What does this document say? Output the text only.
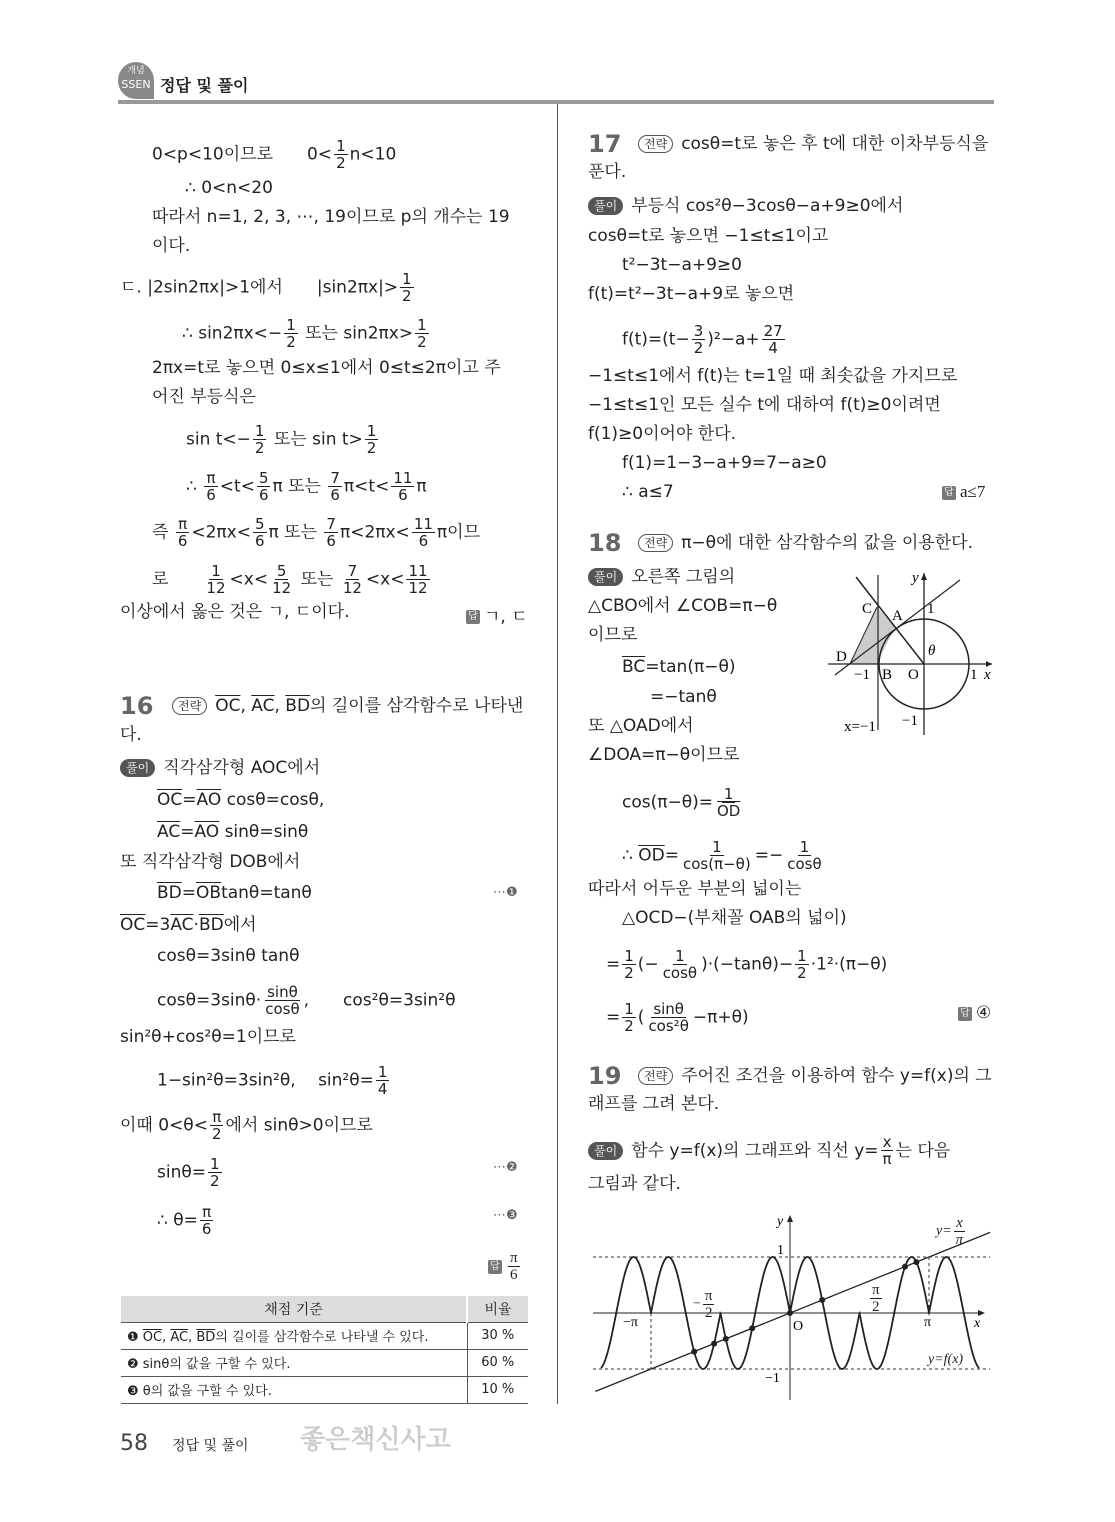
개념
SSEN 정답 및 풀이
0<p<10이므로　　$0< \frac{1}{2} n<10$
∴ 0<n<20
따라서 n=1, 2, 3, ⋯, 19이므로 p의 개수는 19
이다.
ㄷ. |2sin2πx|>1에서　　$|\sin 2\pi x|> \frac{1}{2}$
∴ $\sin 2\pi x<- \frac{1}{2}$ 또는 $\sin 2\pi x> \frac{1}{2}$
2πx=t로 놓으면 0≤x≤1에서 0≤t≤2π이고 주
어진 부등식은
$\sin t<- \frac{1}{2}$ 또는 $\sin t> \frac{1}{2}$
∴ $\frac{\pi}{6} <t< \frac{5}{6}$ π 또는 $\frac{7}{6} \pi<t< \frac{11}{6}$ π
즉 $\frac{\pi}{6} <2\pi x< \frac{5}{6}$ π 또는 $\frac{7}{6} \pi<2\pi x< \frac{11}{6}$ π이므
로　　 $\frac{1}{12} <x< \frac{5}{12}$ 또는 $\frac{7}{12} <x< \frac{11}{12}$
이상에서 옳은 것은 ㄱ, ㄷ이다.	답 ㄱ, ㄷ
16	전략 $\overline{OC}$, $\overline{AC}$, $\overline{BD}$의 길이를 삼각함수로 나타낸
다.
풀이 직각삼각형 AOC에서
$\overline{OC}=\overline{AO}$ cosθ=cosθ,
$\overline{AC}=\overline{AO}$ sinθ=sinθ
또 직각삼각형 DOB에서
$\overline{BD}=\overline{OB}\tan\theta=\tan\theta$	⋯❶
$\overline{OC}=3\overline{AC}\cdot\overline{BD}$에서
cosθ=3sinθ tanθ
$\cos\theta=3\sin\theta\cdot \frac{\sin\theta}{\cos\theta}$ ,　　cos²θ=3sin²θ
sin²θ+cos²θ=1이므로
1−sin²θ=3sin²θ,　 $\sin^2\theta= \frac{1}{4}$
이때 $0<\theta< \frac{\pi}{2}$ 에서 sinθ>0이므로
$\sin\theta= \frac{1}{2}$	⋯❷
∴ $\theta= \frac{\pi}{6}$	⋯❸
답 $\frac{\pi}{6}$
채점 기준	비율
❶ $\overline{OC}$, $\overline{AC}$, $\overline{BD}$의 길이를 삼각함수로 나타낼 수 있다.	30 %
❷ sinθ의 값을 구할 수 있다.	60 %
❸ θ의 값을 구할 수 있다.	10 %
58 정답 및 풀이 좋은책신사고
17	전략 cosθ=t로 놓은 후 t에 대한 이차부등식을
푼다.
풀이 부등식 cos²θ−3cosθ−a+9≥0에서
cosθ=t로 놓으면 −1≤t≤1이고
t²−3t−a+9≥0
f(t)=t²−3t−a+9로 놓으면
$f(t)=(t- \frac{3}{2} )^2-a+ \frac{27}{4}$
−1≤t≤1에서 f(t)는 t=1일 때 최솟값을 가지므로
−1≤t≤1인 모든 실수 t에 대하여 f(t)≥0이려면
f(1)≥0이어야 한다.
f(1)=1−3−a+9=7−a≥0
∴ a≤7	답 a≤7
18	전략 π−θ에 대한 삼각함수의 값을 이용한다.
풀이 오른쪽 그림의
△CBO에서 ∠COB=π−θ
이므로
$\overline{BC}=\tan(\pi-\theta)$
=−tanθ
또 △OAD에서
∠DOA=π−θ이므로
$\cos(\pi-\theta)= \frac{1}{OD}$
∴ $\overline{OD}= \frac{1}{\cos(\pi-\theta)} =- \frac{1}{\cos\theta}$
따라서 어두운 부분의 넓이는
△OCD−(부채꼴 OAB의 넓이)
= $\frac{1}{2}$ (− $\frac{1}{\cos\theta} )\cdot(-\tan\theta)- \frac{1}{2} \cdot 1^2\cdot(\pi-\theta)$
= $\frac{1}{2}$ ( $\frac{\sin\theta}{\text{cos²θ}} -\pi+\theta$)	답 ④
C A
D
B O
θ
−1	1
1
−1
x
y
x=−1
19	전략 주어진 조건을 이용하여 함수 y=f(x)의 그
래프를 그려 본다.
풀이 함수 y=f(x)의 그래프와 직선 $y= \frac{x}{\pi}$ 는 다음
그림과 같다.
y
x
1
−1
O
−π	π
− $\frac{\pi}{2}$	$\frac{\pi}{2}$
$y= \frac{x}{\pi}$
y=f(x)
